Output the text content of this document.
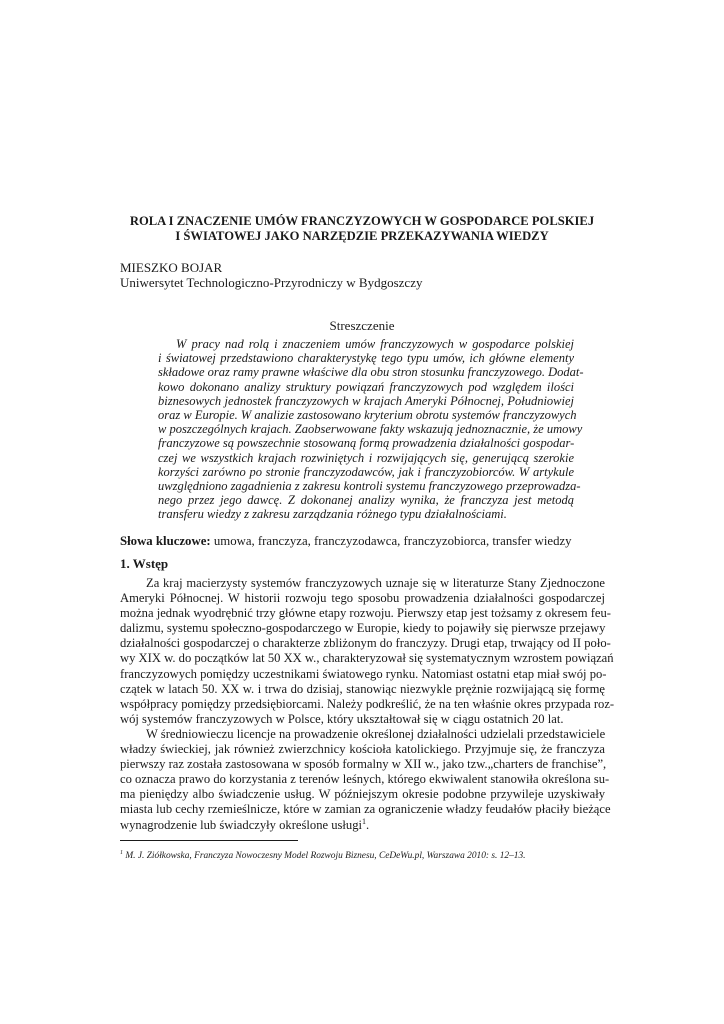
ROLA I ZNACZENIE UMÓW FRANCZYZOWYCH W GOSPODARCE POLSKIEJ
I ŚWIATOWEJ JAKO NARZĘDZIE PRZEKAZYWANIA WIEDZY
MIESZKO BOJAR
Uniwersytet Technologiczno-Przyrodniczy w Bydgoszczy
Streszczenie
W pracy nad rolą i znaczeniem umów franczyzowych w gospodarce polskiej
i światowej przedstawiono charakterystykę tego typu umów, ich główne elementy
składowe oraz ramy prawne właściwe dla obu stron stosunku franczyzowego. Dodat-
kowo dokonano analizy struktury powiązań franczyzowych pod względem ilości
biznesowych jednostek franczyzowych w krajach Ameryki Północnej, Południowiej
oraz w Europie. W analizie zastosowano kryterium obrotu systemów franczyzowych
w poszczególnych krajach. Zaobserwowane fakty wskazują jednoznacznie, że umowy
franczyzowe są powszechnie stosowaną formą prowadzenia działalności gospodar-
czej we wszystkich krajach rozwiniętych i rozwijających się, generującą szerokie
korzyści zarówno po stronie franczyzodawców, jak i franczyzobiorców. W artykule
uwzględniono zagadnienia z zakresu kontroli systemu franczyzowego przeprowadza-
nego przez jego dawcę. Z dokonanej analizy wynika, że franczyza jest metodą
transferu wiedzy z zakresu zarządzania różnego typu działalnościami.
Słowa kluczowe: umowa, franczyza, franczyzodawca, franczyzobiorca, transfer wiedzy
1. Wstęp
Za kraj macierzysty systemów franczyzowych uznaje się w literaturze Stany Zjednoczone
Ameryki Północnej. W historii rozwoju tego sposobu prowadzenia działalności gospodarczej
można jednak wyodrębnić trzy główne etapy rozwoju. Pierwszy etap jest tożsamy z okresem feu-
dalizmu, systemu społeczno-gospodarczego w Europie, kiedy to pojawiły się pierwsze przejawy
działalności gospodarczej o charakterze zbliżonym do franczyzy. Drugi etap, trwający od II poło-
wy XIX w. do początków lat 50 XX w., charakteryzował się systematycznym wzrostem powiązań
franczyzowych pomiędzy uczestnikami światowego rynku. Natomiast ostatni etap miał swój po-
czątek w latach 50. XX w. i trwa do dzisiaj, stanowiąc niezwykle prężnie rozwijającą się formę
współpracy pomiędzy przedsiębiorcami. Należy podkreślić, że na ten właśnie okres przypada roz-
wój systemów franczyzowych w Polsce, który ukształtował się w ciągu ostatnich 20 lat.
W średniowieczu licencje na prowadzenie określonej działalności udzielali przedstawiciele
władzy świeckiej, jak również zwierzchnicy kościoła katolickiego. Przyjmuje się, że franczyza
pierwszy raz została zastosowana w sposób formalny w XII w., jako tzw.„charters de franchise”,
co oznacza prawo do korzystania z terenów leśnych, którego ekwiwalent stanowiła określona su-
ma pieniędzy albo świadczenie usług. W późniejszym okresie podobne przywileje uzyskiwały
miasta lub cechy rzemieślnicze, które w zamian za ograniczenie władzy feudałów płaciły bieżące
wynagrodzenie lub świadczyły określone usługi$^1$.
$^1$ M. J. Ziółkowska, Franczyza Nowoczesny Model Rozwoju Biznesu, CeDeWu.pl, Warszawa 2010: s. 12–13.
